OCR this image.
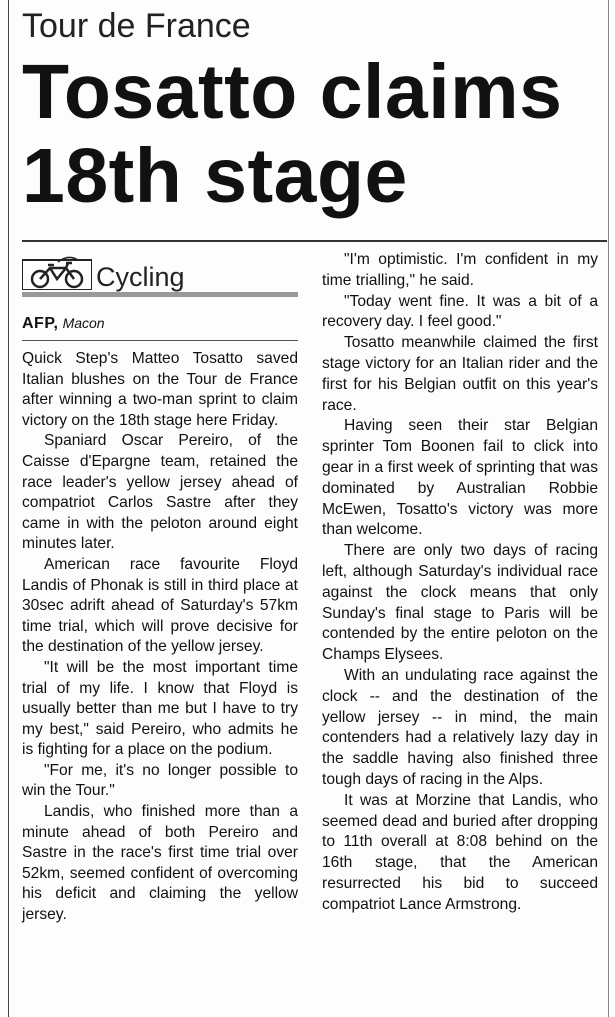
Tour de France
Tosatto claims 18th stage
Cycling
AFP, Macon

Quick Step's Matteo Tosatto saved Italian blushes on the Tour de France after winning a two-man sprint to claim victory on the 18th stage here Friday.

Spaniard Oscar Pereiro, of the Caisse d'Epargne team, retained the race leader's yellow jersey ahead of compatriot Carlos Sastre after they came in with the peloton around eight minutes later.

American race favourite Floyd Landis of Phonak is still in third place at 30sec adrift ahead of Saturday's 57km time trial, which will prove decisive for the destination of the yellow jersey.

"It will be the most important time trial of my life. I know that Floyd is usually better than me but I have to try my best," said Pereiro, who admits he is fighting for a place on the podium.

"For me, it's no longer possible to win the Tour."

Landis, who finished more than a minute ahead of both Pereiro and Sastre in the race's first time trial over 52km, seemed confident of overcoming his deficit and claiming the yellow jersey.

"I'm optimistic. I'm confident in my time trialling," he said.

"Today went fine. It was a bit of a recovery day. I feel good."

Tosatto meanwhile claimed the first stage victory for an Italian rider and the first for his Belgian outfit on this year's race.

Having seen their star Belgian sprinter Tom Boonen fail to click into gear in a first week of sprinting that was dominated by Australian Robbie McEwen, Tosatto's victory was more than welcome.

There are only two days of racing left, although Saturday's individual race against the clock means that only Sunday's final stage to Paris will be contended by the entire peloton on the Champs Elysees.

With an undulating race against the clock -- and the destination of the yellow jersey -- in mind, the main contenders had a relatively lazy day in the saddle having also finished three tough days of racing in the Alps.

It was at Morzine that Landis, who seemed dead and buried after dropping to 11th overall at 8:08 behind on the 16th stage, that the American resurrected his bid to succeed compatriot Lance Armstrong.
